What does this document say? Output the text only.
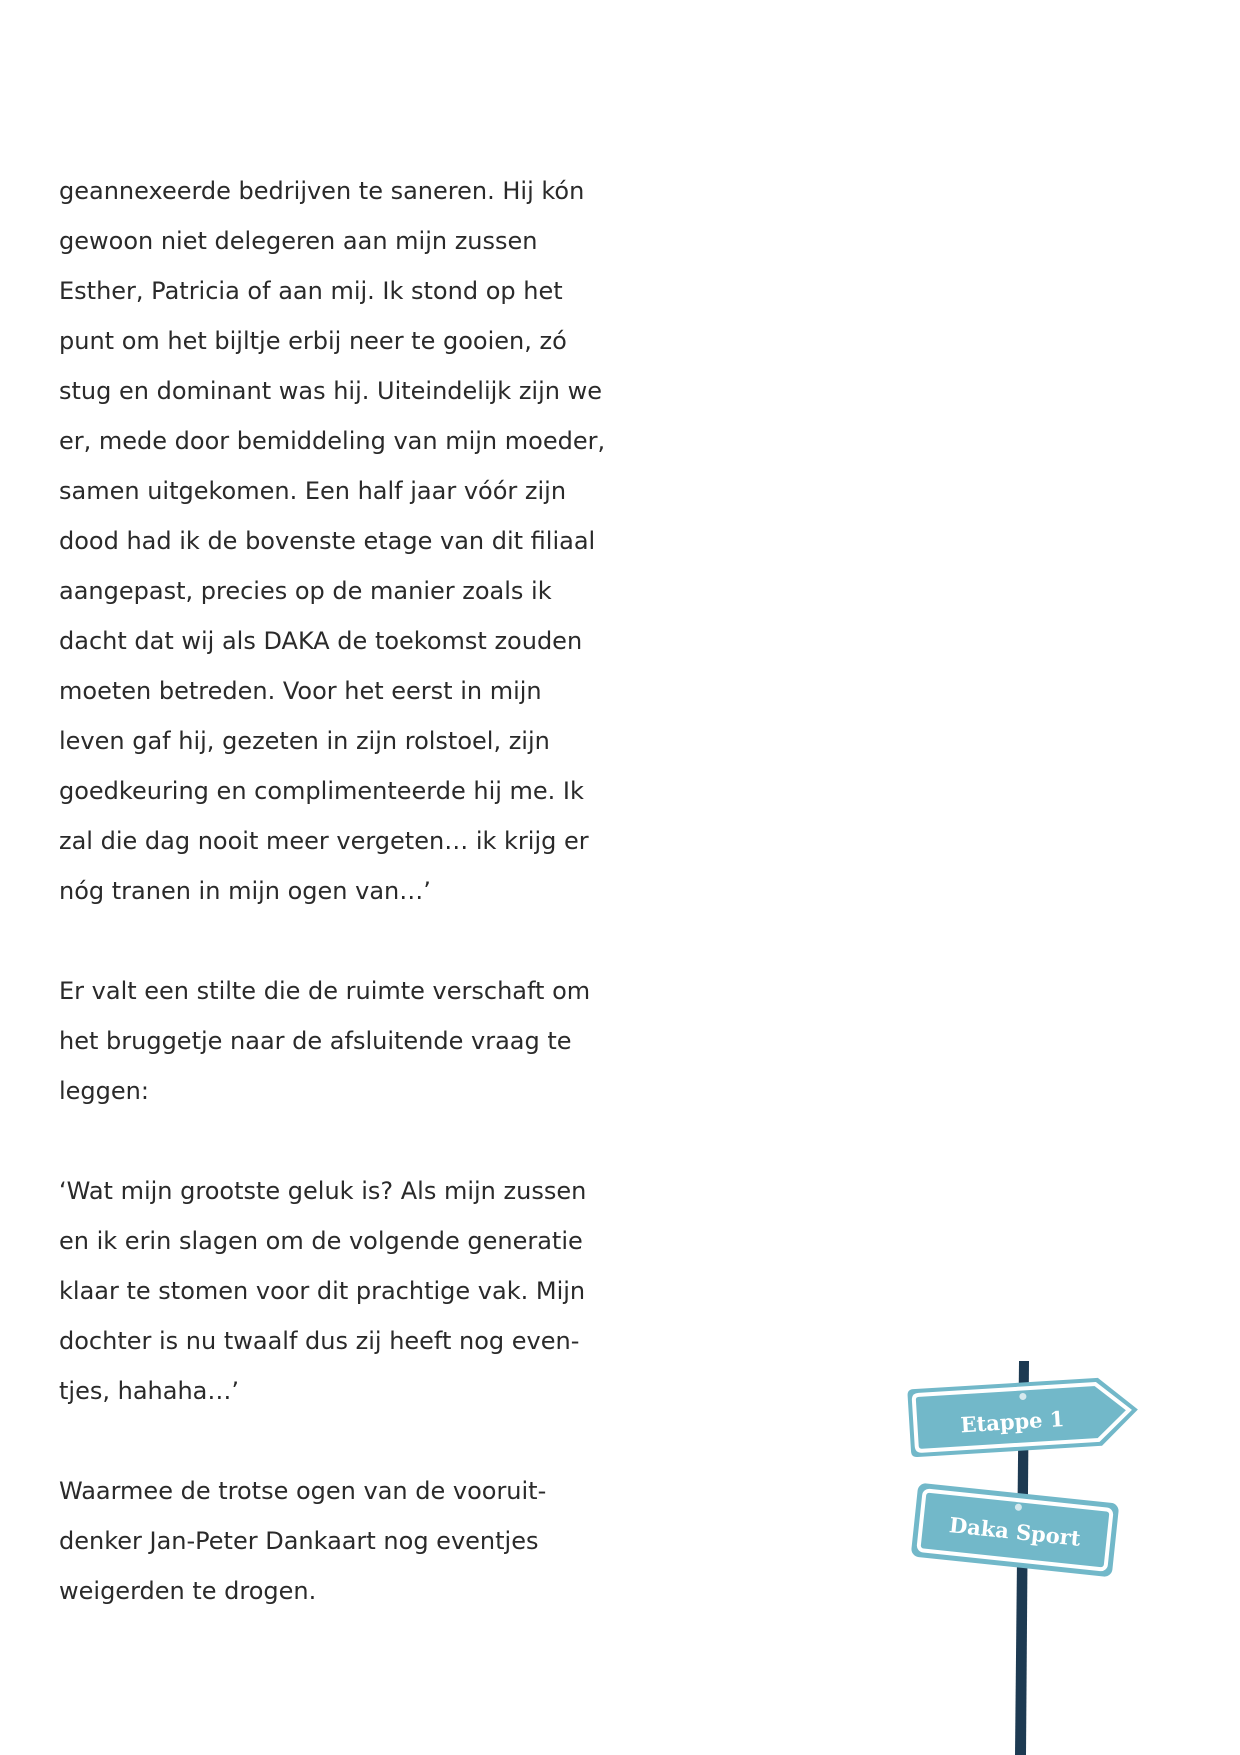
geannexeerde bedrijven te saneren. Hij kón
gewoon niet delegeren aan mijn zussen
Esther, Patricia of aan mij. Ik stond op het
punt om het bijltje erbij neer te gooien, zó
stug en dominant was hij. Uiteindelijk zijn we
er, mede door bemiddeling van mijn moeder,
samen uitgekomen. Een half jaar vóór zijn
dood had ik de bovenste etage van dit filiaal
aangepast, precies op de manier zoals ik
dacht dat wij als DAKA de toekomst zouden
moeten betreden. Voor het eerst in mijn
leven gaf hij, gezeten in zijn rolstoel, zijn
goedkeuring en complimenteerde hij me. Ik
zal die dag nooit meer vergeten… ik krijg er
nóg tranen in mijn ogen van…’
Er valt een stilte die de ruimte verschaft om
het bruggetje naar de afsluitende vraag te
leggen:
‘Wat mijn grootste geluk is? Als mijn zussen
en ik erin slagen om de volgende generatie
klaar te stomen voor dit prachtige vak. Mijn
dochter is nu twaalf dus zij heeft nog even-
tjes, hahaha…’
Waarmee de trotse ogen van de vooruit-
denker Jan-Peter Dankaart nog eventjes
weigerden te drogen.
Etappe 1
Daka Sport
